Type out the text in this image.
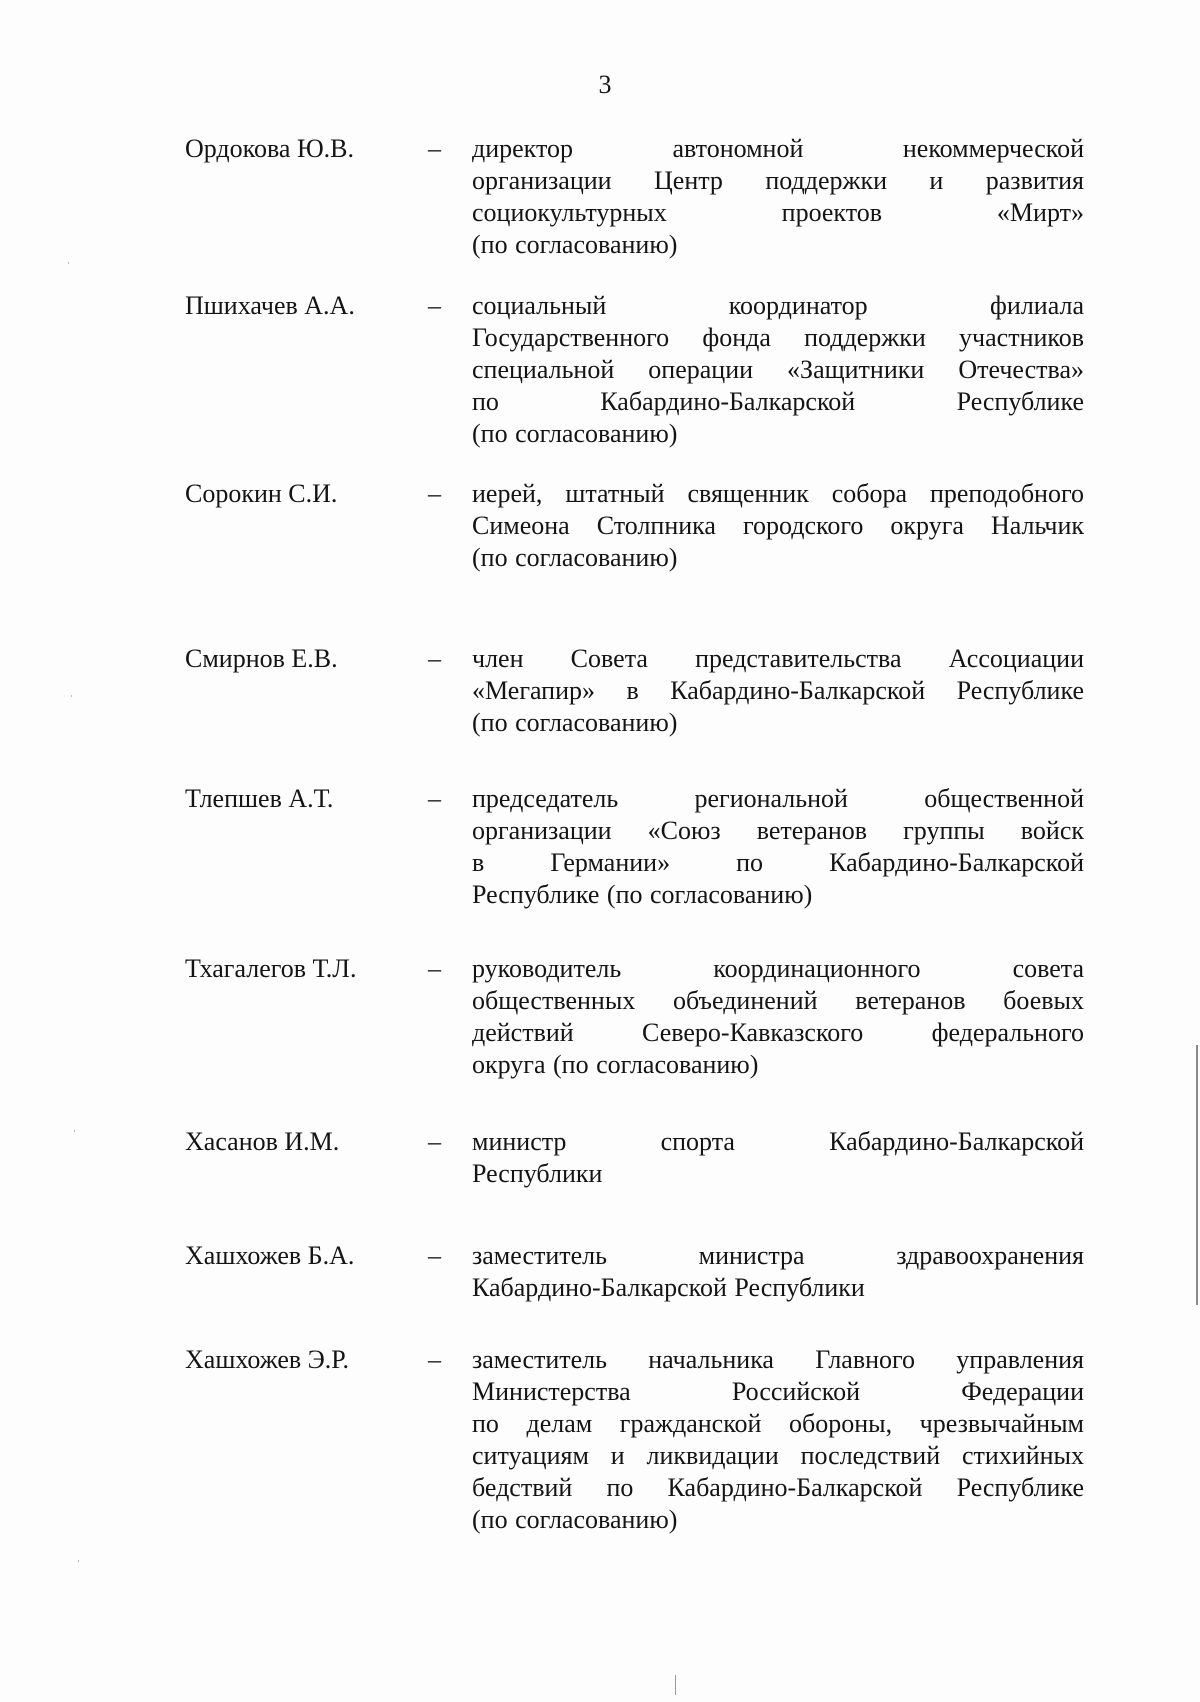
3
Ордокова Ю.В.	– директор автономной некоммерческой
организации Центр поддержки и развития
социокультурных проектов «Мирт»
(по согласованию)
Пшихачев А.А.	– социальный координатор филиала
Государственного фонда поддержки участников
специальной операции «Защитники Отечества»
по Кабардино-Балкарской Республике
(по согласованию)
Сорокин С.И.	– иерей, штатный священник собора преподобного
Симеона Столпника городского округа Нальчик
(по согласованию)
Смирнов Е.В.	– член Совета представительства Ассоциации
«Мегапир» в Кабардино-Балкарской Республике
(по согласованию)
Тлепшев А.Т.	– председатель региональной общественной
организации «Союз ветеранов группы войск
в Германии» по Кабардино-Балкарской
Республике (по согласованию)
Тхагалегов Т.Л.	– руководитель координационного совета
общественных объединений ветеранов боевых
действий Северо-Кавказского федерального
округа (по согласованию)
Хасанов И.М.	– министр спорта Кабардино-Балкарской
Республики
Хашхожев Б.А.	– заместитель министра здравоохранения
Кабардино-Балкарской Республики
Хашхожев Э.Р.	– заместитель начальника Главного управления
Министерства Российской Федерации
по делам гражданской обороны, чрезвычайным
ситуациям и ликвидации последствий стихийных
бедствий по Кабардино-Балкарской Республике
(по согласованию)
